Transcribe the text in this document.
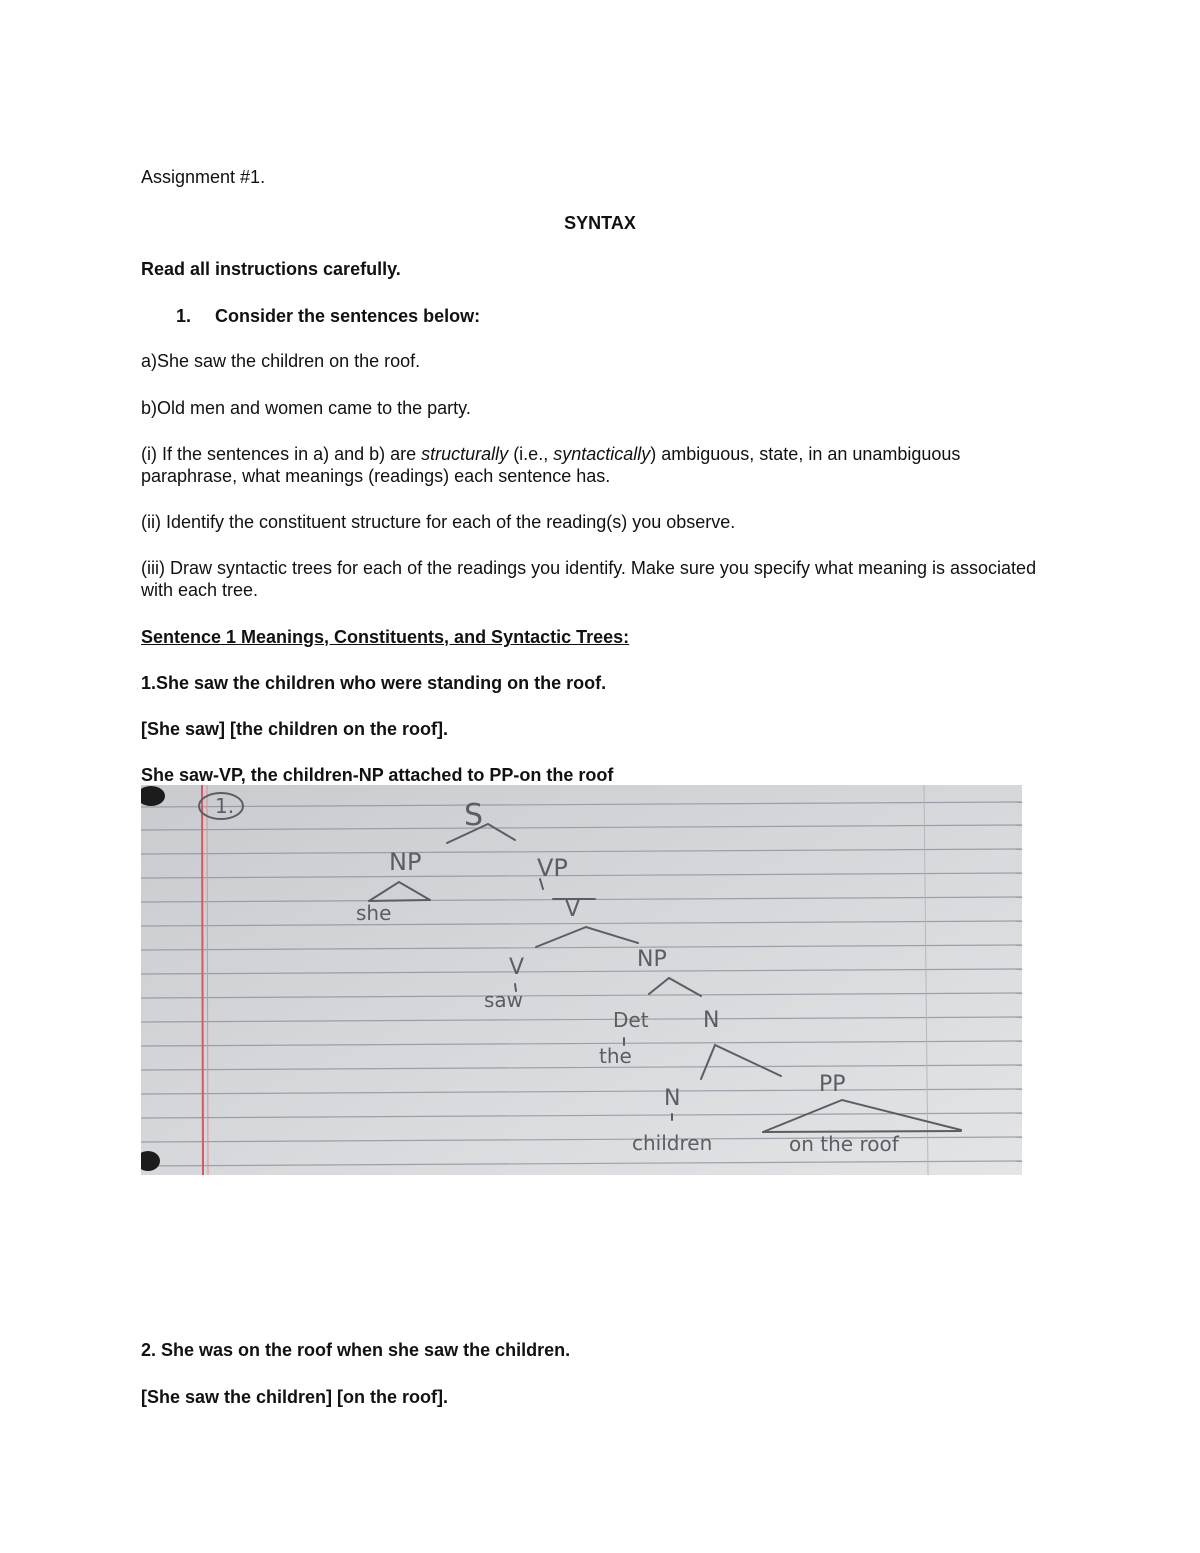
Assignment #1.
SYNTAX
Read all instructions carefully.
1. Consider the sentences below:
a)She saw the children on the roof.
b)Old men and women came to the party.
(i) If the sentences in a) and b) are structurally (i.e., syntactically) ambiguous, state, in an unambiguous paraphrase, what meanings (readings) each sentence has.
(ii) Identify the constituent structure for each of the reading(s) you observe.
(iii) Draw syntactic trees for each of the readings you identify. Make sure you specify what meaning is associated with each tree.
Sentence 1 Meanings, Constituents, and Syntactic Trees:
1.She saw the children who were standing on the roof.
[She saw] [the children on the roof].
She saw-VP, the children-NP attached to PP-on the roof
1.	S
NP	VP
V
V	NP
Det N
N
PP
she
saw
the
children	on the roof
2. She was on the roof when she saw the children.
[She saw the children] [on the roof].
